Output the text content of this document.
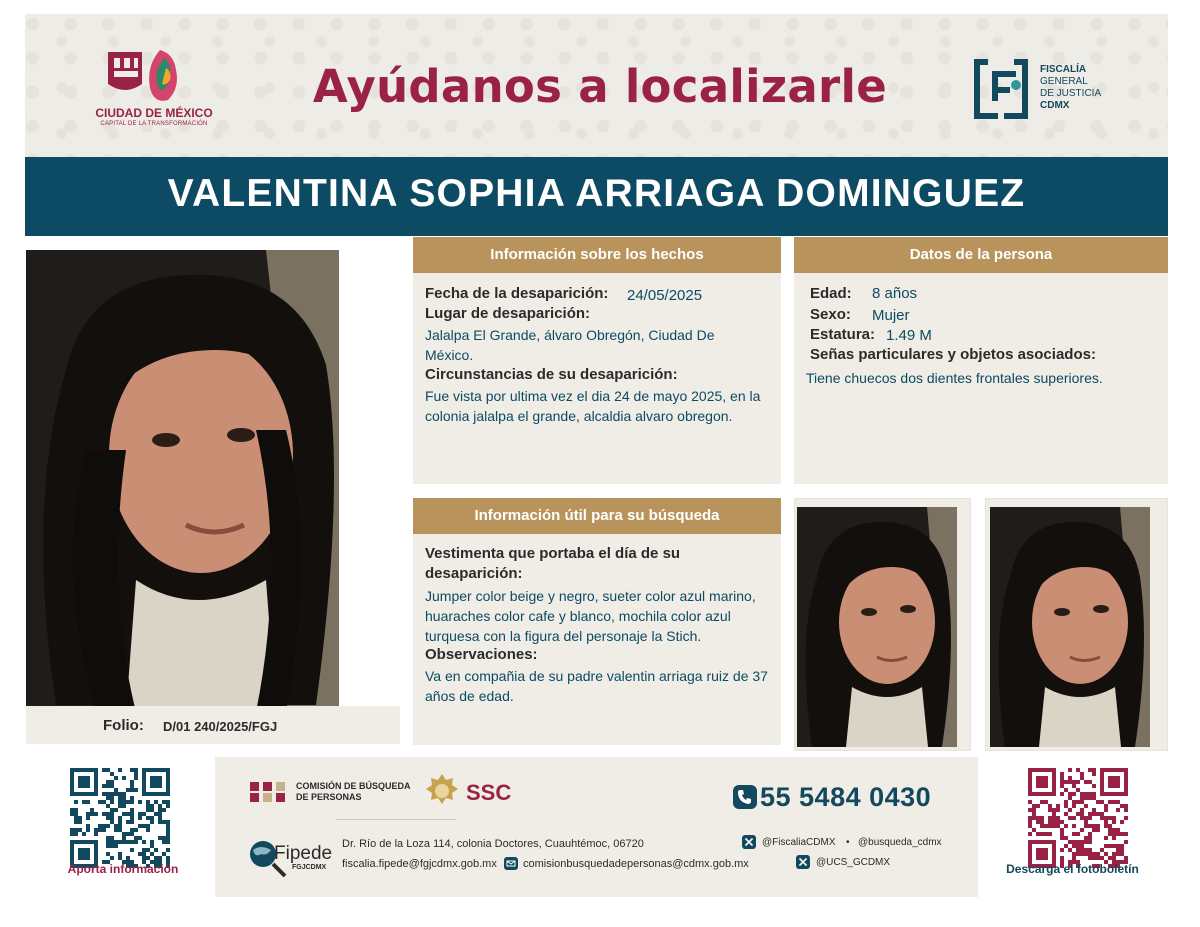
CIUDAD DE MÉXICO
CAPITAL DE LA TRANSFORMACIÓN
Ayúdanos a localizarle	FISCALÍA
GENERAL
DE JUSTICIA
CDMX
VALENTINA SOPHIA ARRIAGA DOMINGUEZ
Folio: D/01 240/2025/FGJ
Información sobre los hechos
Fecha de la desaparición: 24/05/2025
Lugar de desaparición:
Jalalpa El Grande, álvaro Obregón, Ciudad De México.
Circunstancias de su desaparición:
Fue vista por ultima vez el dia 24 de mayo 2025, en la colonia jalalpa el grande, alcaldia alvaro obregon.
Datos de la persona
Edad: 8 años
Sexo: Mujer
Estatura: 1.49 M
Señas particulares y objetos asociados:
Tiene chuecos dos dientes frontales superiores.
Información útil para su búsqueda
Vestimenta que portaba el día de su desaparición:
Jumper color beige y negro, sueter color azul marino, huaraches color cafe y blanco, mochila color azul turquesa con la figura del personaje la Stich.
Observaciones:
Va en compañia de su padre valentin arriaga ruiz de 37 años de edad.
Aporta información
COMISIÓN DE BÚSQUEDA
DE PERSONAS	SSC	55 5484 0430
Fipede
FGJCDMX
Dr. Río de la Loza 114, colonia Doctores, Cuauhtémoc, 06720
fiscalia.fipede@fgjcdmx.gob.mx comisionbusquedadepersonas@cdmx.gob.mx
@FiscaliaCDMX • @busqueda_cdmx
@UCS_GCDMX	Descarga el fotoboletín
